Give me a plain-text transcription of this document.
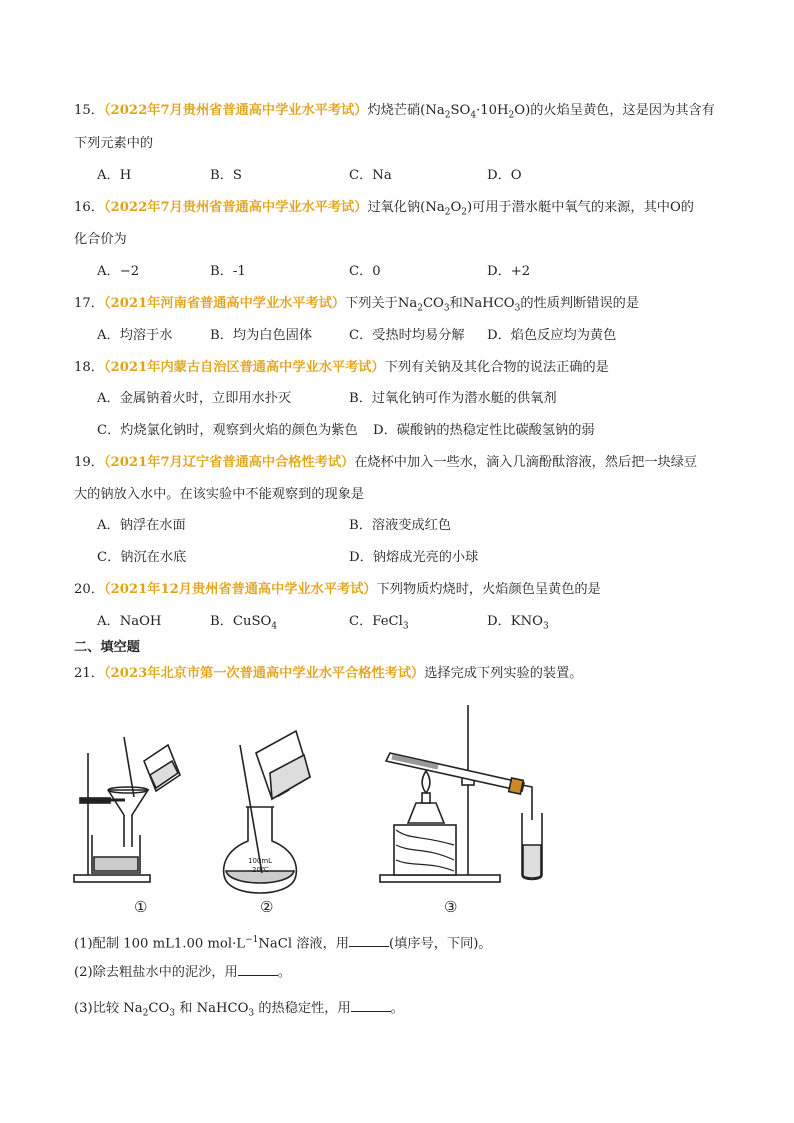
15．（2022年7月贵州省普通高中学业水平考试）灼烧芒硝$(Na_2SO_4\cdot 10H_2O)$的火焰呈黄色，这是因为其含有
下列元素中的
A．H	B．S	C．Na	D．O
16．（2022年7月贵州省普通高中学业水平考试）过氧化钠$(Na_2O_2)$可用于潜水艇中氧气的来源，其中O的
化合价为
A．−2	B．-1	C．0	D．+2
17．（2021年河南省普通高中学业水平考试）下列关于$Na_2CO_3$和NaHCO$_3$的性质判断错误的是
A．均溶于水	B．均为白色固体	C．受热时均易分解 D．焰色反应均为黄色
18．（2021年内蒙古自治区普通高中学业水平考试）下列有关钠及其化合物的说法正确的是
A．金属钠着火时，立即用水扑灭	B．过氧化钠可作为潜水艇的供氧剂
C．灼烧氯化钠时，观察到火焰的颜色为紫色 D．碳酸钠的热稳定性比碳酸氢钠的弱
19．（2021年7月辽宁省普通高中合格性考试）在烧杯中加入一些水，滴入几滴酚酞溶液，然后把一块绿豆
大的钠放入水中。在该实验中不能观察到的现象是
A．钠浮在水面	B．溶液变成红色
C．钠沉在水底	D．钠熔成光亮的小球
20．（2021年12月贵州省普通高中学业水平考试）下列物质灼烧时，火焰颜色呈黄色的是
A．NaOH	B．CuSO$_4$	C．FeCl$_3$	D．$KNO_3$
二、填空题
21．（2023年北京市第一次普通高中学业水平合格性考试）选择完成下列实验的装置。
100mL
20℃
①	②	③
(1)配制 100 mL1.00 $mol\cdot L^{-1}NaCl$ 溶液，用	(填序号，下同)。
(2)除去粗盐水中的泥沙，用	。
(3)比较 $Na_2CO_3$ 和 NaHCO$_3$ 的热稳定性，用	。
